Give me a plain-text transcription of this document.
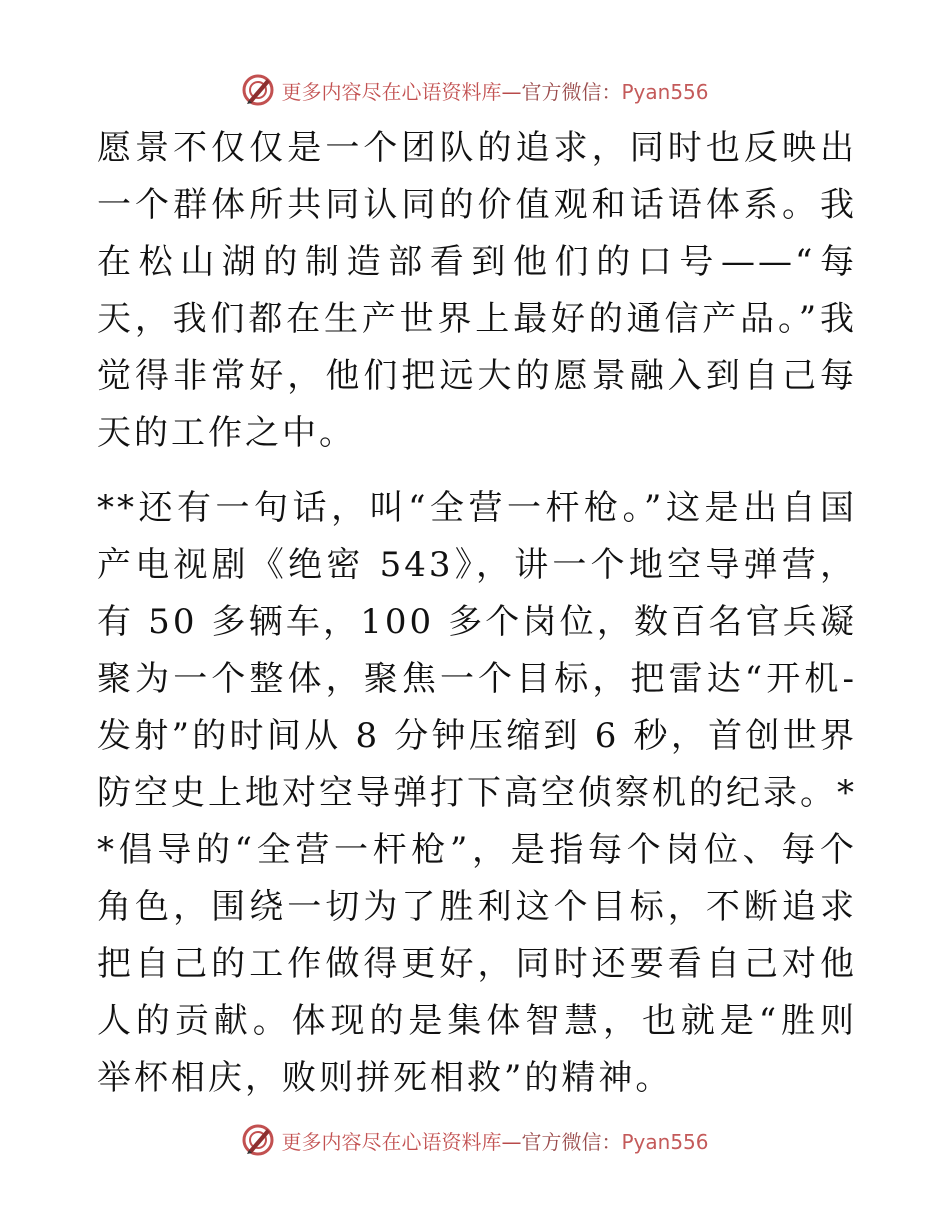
更多内容尽在心语资料库—官方微信：Pyan556

愿景不仅仅是一个团队的追求，同时也反映出一个群体所共同认同的价值观和话语体系。我在松山湖的制造部看到他们的口号——“每天，我们都在生产世界上最好的通信产品。”我觉得非常好，他们把远大的愿景融入到自己每天的工作之中。

**还有一句话，叫“全营一杆枪。”这是出自国产电视剧《绝密 543》，讲一个地空导弹营，有 50 多辆车，100 多个岗位，数百名官兵凝聚为一个整体，聚焦一个目标，把雷达“开机-发射”的时间从 8 分钟压缩到 6 秒，首创世界防空史上地对空导弹打下高空侦察机的纪录。**倡导的“全营一杆枪”，是指每个岗位、每个角色，围绕一切为了胜利这个目标，不断追求把自己的工作做得更好，同时还要看自己对他人的贡献。体现的是集体智慧，也就是“胜则举杯相庆，败则拼死相救”的精神。

更多内容尽在心语资料库—官方微信：Pyan556
